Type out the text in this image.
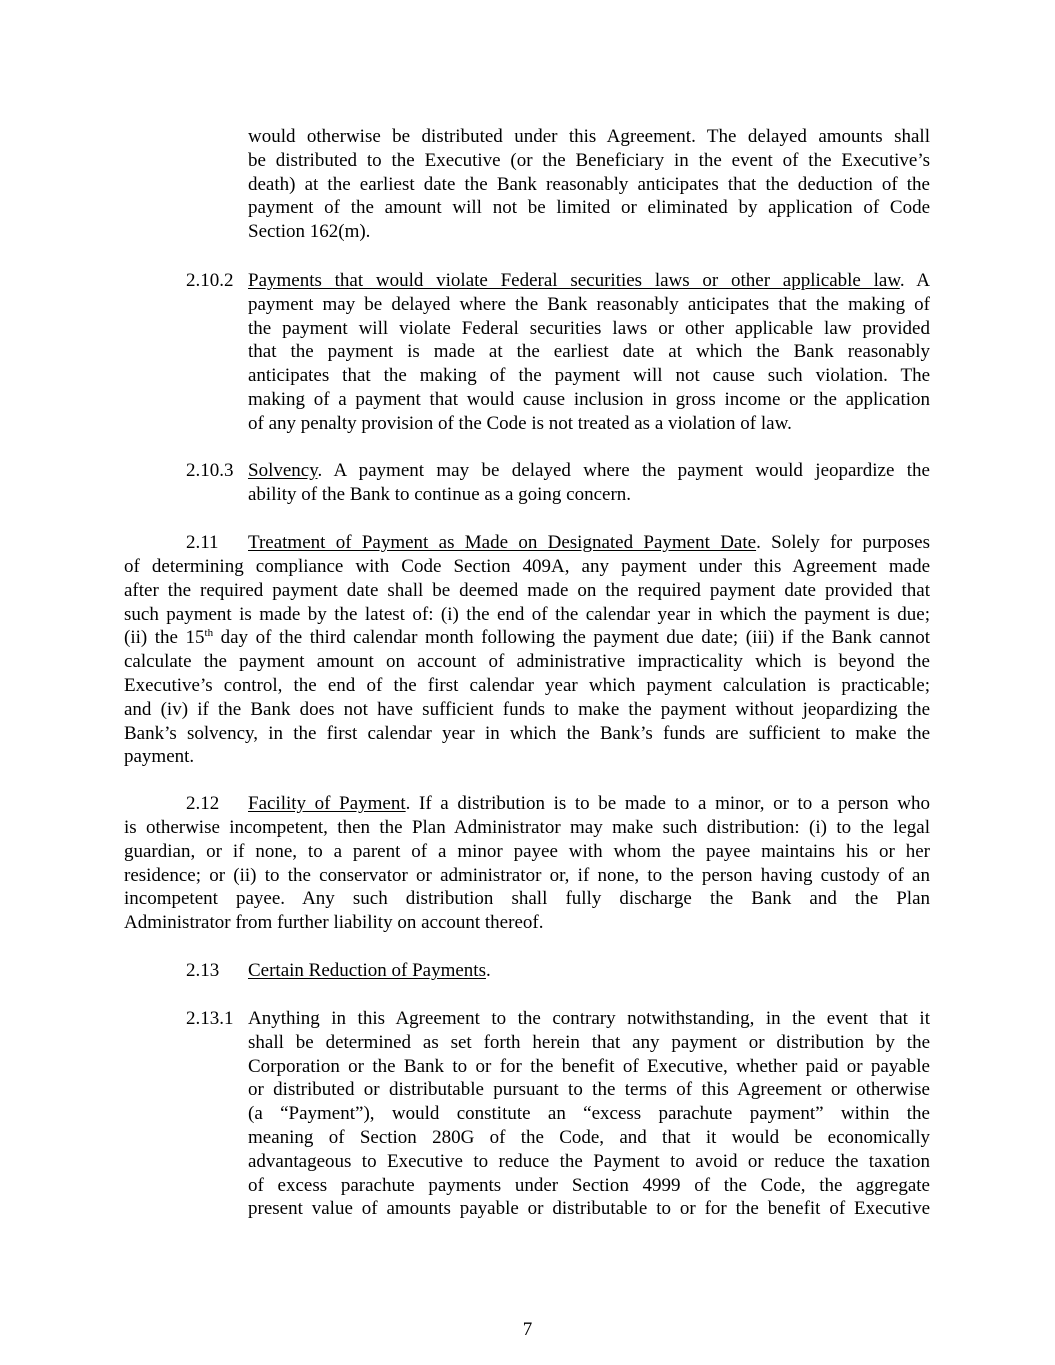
would otherwise be distributed under this Agreement. The delayed amounts shall
be distributed to the Executive (or the Beneficiary in the event of the Executive’s
death) at the earliest date the Bank reasonably anticipates that the deduction of the
payment of the amount will not be limited or eliminated by application of Code
Section 162(m).
2.10.2 Payments that would violate Federal securities laws or other applicable law. A
payment may be delayed where the Bank reasonably anticipates that the making of
the payment will violate Federal securities laws or other applicable law provided
that the payment is made at the earliest date at which the Bank reasonably
anticipates that the making of the payment will not cause such violation. The
making of a payment that would cause inclusion in gross income or the application
of any penalty provision of the Code is not treated as a violation of law.
2.10.3 Solvency. A payment may be delayed where the payment would jeopardize the
ability of the Bank to continue as a going concern.
2.11 Treatment of Payment as Made on Designated Payment Date. Solely for purposes
of determining compliance with Code Section 409A, any payment under this Agreement made
after the required payment date shall be deemed made on the required payment date provided that
such payment is made by the latest of: (i) the end of the calendar year in which the payment is due;
(ii) the 15th day of the third calendar month following the payment due date; (iii) if the Bank cannot
calculate the payment amount on account of administrative impracticality which is beyond the
Executive’s control, the end of the first calendar year which payment calculation is practicable;
and (iv) if the Bank does not have sufficient funds to make the payment without jeopardizing the
Bank’s solvency, in the first calendar year in which the Bank’s funds are sufficient to make the
payment.
2.12 Facility of Payment. If a distribution is to be made to a minor, or to a person who
is otherwise incompetent, then the Plan Administrator may make such distribution: (i) to the legal
guardian, or if none, to a parent of a minor payee with whom the payee maintains his or her
residence; or (ii) to the conservator or administrator or, if none, to the person having custody of an
incompetent payee. Any such distribution shall fully discharge the Bank and the Plan
Administrator from further liability on account thereof.
2.13 Certain Reduction of Payments.
2.13.1 Anything in this Agreement to the contrary notwithstanding, in the event that it
shall be determined as set forth herein that any payment or distribution by the
Corporation or the Bank to or for the benefit of Executive, whether paid or payable
or distributed or distributable pursuant to the terms of this Agreement or otherwise
(a “Payment”), would constitute an “excess parachute payment” within the
meaning of Section 280G of the Code, and that it would be economically
advantageous to Executive to reduce the Payment to avoid or reduce the taxation
of excess parachute payments under Section 4999 of the Code, the aggregate
present value of amounts payable or distributable to or for the benefit of Executive
7
